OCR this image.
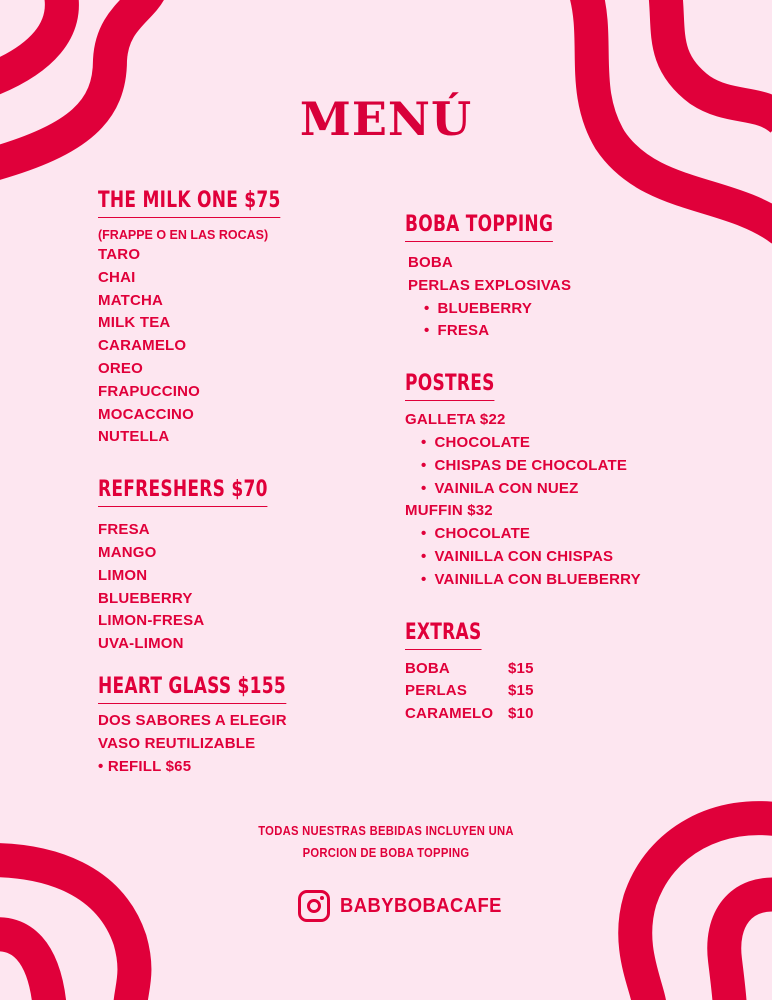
MENÚ
THE MILK ONE $75
(FRAPPE O EN LAS ROCAS)
TARO
CHAI
MATCHA
MILK TEA
CARAMELO
OREO
FRAPUCCINO
MOCACCINO
NUTELLA
REFRESHERS $70
FRESA
MANGO
LIMON
BLUEBERRY
LIMON-FRESA
UVA-LIMON
HEART GLASS $155
DOS SABORES A ELEGIR
VASO REUTILIZABLE
• REFILL $65
BOBA TOPPING
BOBA
PERLAS EXPLOSIVAS
• BLUEBERRY
• FRESA
POSTRES
GALLETA $22
• CHOCOLATE
• CHISPAS DE CHOCOLATE
• VAINILA CON NUEZ
MUFFIN $32
• CHOCOLATE
• VAINILLA CON CHISPAS
• VAINILLA CON BLUEBERRY
EXTRAS
BOBA	$15
PERLAS	$15
CARAMELO $10
TODAS NUESTRAS BEBIDAS INCLUYEN UNA
PORCION DE BOBA TOPPING
BABYBOBACAFE
